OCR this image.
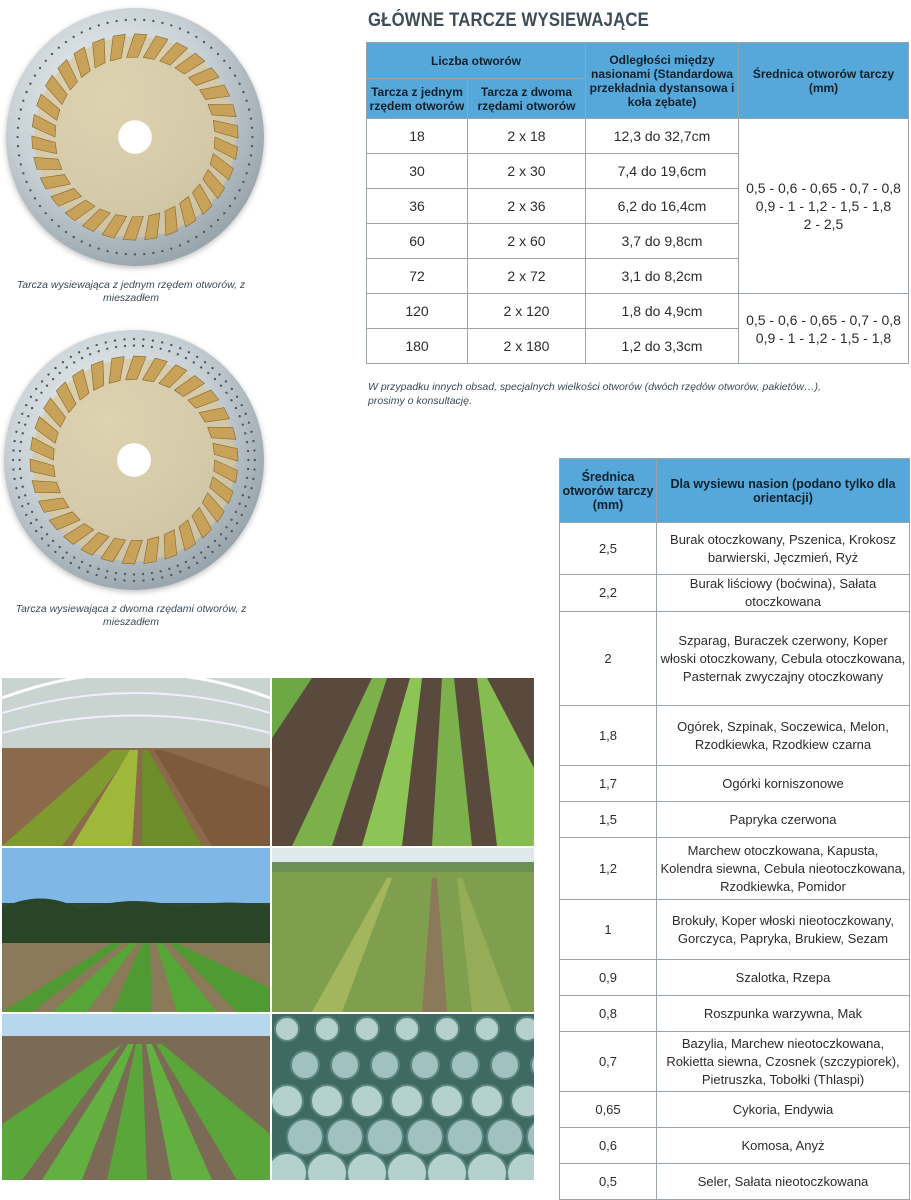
GŁÓWNE TARCZE WYSIEWAJĄCE
Tarcza wysiewająca z jednym rzędem otworów, z mieszadłem
Tarcza wysiewająca z dwoma rzędami otworów, z mieszadłem
Liczba otworów		Odległości między nasionami (Standardowa przekładnia dystansowa i koła zębate)	Średnica otworów tarczy (mm)
Tarcza z jednym rzędem otworów	Tarcza z dwoma rzędami otworów		
18	2 x 18	12,3 do 32,7cm	0,5 - 0,6 - 0,65 - 0,7 - 0,8
0,9 - 1 - 1,2 - 1,5 - 1,8
2 - 2,5

30	2 x 30	7,4 do 19,6cm	
36	2 x 36	6,2 do 16,4cm	
60	2 x 60	3,7 do 9,8cm	
72	2 x 72	3,1 do 8,2cm	
120	2 x 120	1,8 do 4,9cm	0,5 - 0,6 - 0,65 - 0,7 - 0,8
0,9 - 1 - 1,2 - 1,5 - 1,8

180	2 x 180	1,2 do 3,3cm	
W przypadku innych obsad, specjalnych wielkości otworów (dwóch rzędów otworów, pakietów…), prosimy o konsultację.
Średnica otworów tarczy (mm)	Dla wysiewu nasion (podano tylko dla orientacji)
2,5	Burak otoczkowany, Pszenica, Krokosz barwierski, Jęczmień, Ryż
2,2	Burak liściowy (boćwina), Sałata otoczkowana
2	Szparag, Buraczek czerwony, Koper włoski otoczkowany, Cebula otoczkowana, Pasternak zwyczajny otoczkowany
1,8	Ogórek, Szpinak, Soczewica, Melon, Rzodkiewka, Rzodkiew czarna
1,7	Ogórki korniszonowe
1,5	Papryka czerwona
1,2	Marchew otoczkowana, Kapusta, Kolendra siewna, Cebula nieotoczkowana, Rzodkiewka, Pomidor
1	Brokuły, Koper włoski nieotoczkowany, Gorczyca, Papryka, Brukiew, Sezam
0,9	Szalotka, Rzepa
0,8	Roszpunka warzywna, Mak
0,7	Bazylia, Marchew nieotoczkowana, Rokietta siewna, Czosnek (szczypiorek), Pietruszka, Tobołki (Thlaspi)
0,65	Cykoria, Endywia
0,6	Komosa, Anyż
0,5	Seler, Sałata nieotoczkowana
